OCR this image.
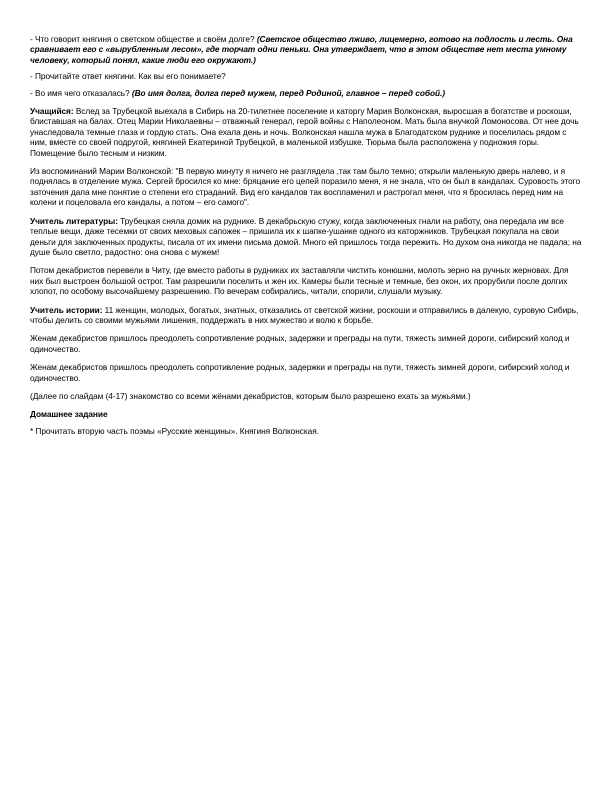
- Что говорит княгиня о светском обществе и своём долге? (Светское общество лживо, лицемерно, готово на подлость и лесть. Она сравнивает его с «вырубленным лесом», где торчат одни пеньки. Она утверждает, что в этом обществе нет места умному человеку, который понял, какие люди его окружают.)

- Прочитайте ответ княгини. Как вы его понимаете?

- Во имя чего отказалась? (Во имя долга, долга перед мужем, перед Родиной, главное – перед собой.)

Учащийся: Вслед за Трубецкой выехала в Сибирь на 20-тилетнее поселение и каторгу Мария Волконская, выросшая в богатстве и роскоши, блиставшая на балах. Отец Марии Николаевны – отважный генерал, герой войны с Наполеоном. Мать была внучкой Ломоносова. От нее дочь унаследовала темные глаза и гордую стать. Она ехала день и ночь. Волконская нашла мужа в Благодатском руднике и поселилась рядом с ним, вместе со своей подругой, княгиней Екатериной Трубецкой, в маленькой избушке. Тюрьма была расположена у подножия горы. Помещение было тесным и низким.

Из воспоминаний Марии Волконской: "В первую минуту я ничего не разглядела ,так там было темно; открыли маленькую дверь налево, и я поднялась в отделение мужа. Сергей бросился ко мне: бряцание его цепей поразило меня, я не знала, что он был в кандалах. Суровость этого заточения дала мне понятие о степени его страданий. Вид его кандалов так воспламенил и растрогал меня, что я бросилась перед ним на колени и поцеловала его кандалы, а потом – его самого".

Учитель литературы: Трубецкая сняла домик на руднике. В декабрьскую стужу, когда заключенных гнали на работу, она передала им все теплые вещи, даже тесемки от своих меховых сапожек – пришила их к шапке-ушанке одного из каторжников. Трубецкая покупала на свои деньги для заключенных продукты, писала от их имени письма домой. Много ей пришлось тогда пережить. Но духом она никогда не падала; на душе было светло, радостно: она снова с мужем!

Потом декабристов перевели в Читу, где вместо работы в рудниках их заставляли чистить конюшни, молоть зерно на ручных жерновах. Для них был выстроен большой острог. Там разрешили поселить и жен их. Камеры были тесные и темные, без окон, их прорубили после долгих хлопот, по особому высочайшему разрешению. По вечерам собирались, читали, спорили, слушали музыку.

Учитель истории: 11 женщин, молодых, богатых, знатных, отказались от светской жизни, роскоши и отправились в далекую, суровую Сибирь, чтобы делить со своими мужьями лишения, поддержать в них мужество и волю к борьбе.

Женам декабристов пришлось преодолеть сопротивление родных, задержки и преграды на пути, тяжесть зимней дороги, сибирский холод и одиночество.

Женам декабристов пришлось преодолеть сопротивление родных, задержки и преграды на пути, тяжесть зимней дороги, сибирский холод и одиночество.

(Далее по слайдам (4-17) знакомство со всеми жёнами декабристов, которым было разрешено ехать за мужьями.)

Домашнее задание

* Прочитать вторую часть поэмы «Русские женщины». Княгиня Волконская.
